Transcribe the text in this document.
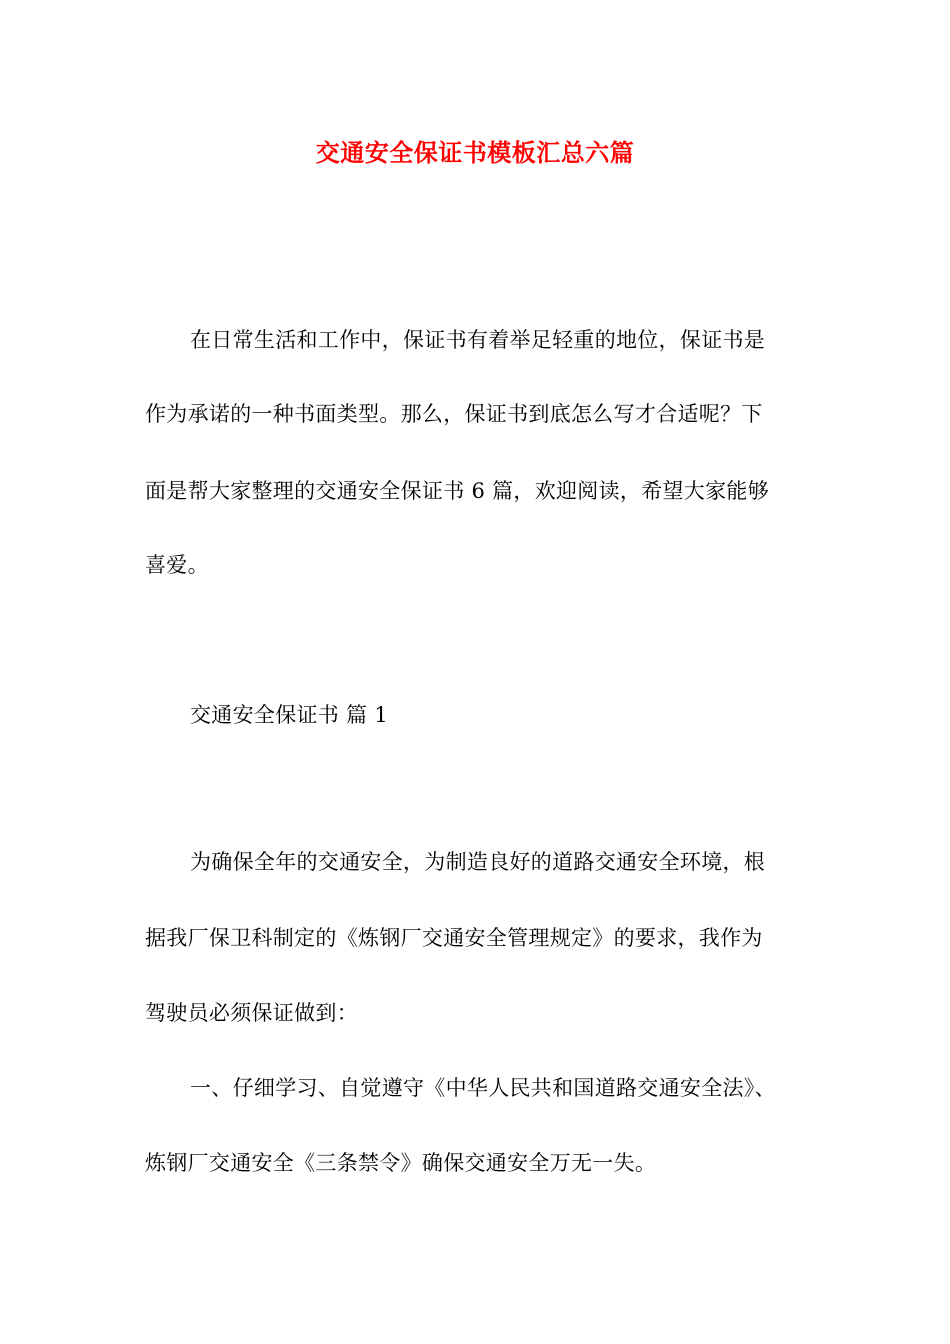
交通安全保证书模板汇总六篇
在日常生活和工作中，保证书有着举足轻重的地位，保证书是
作为承诺的一种书面类型。那么，保证书到底怎么写才合适呢？下
面是帮大家整理的交通安全保证书 6 篇，欢迎阅读，希望大家能够
喜爱。
交通安全保证书 篇 1
为确保全年的交通安全，为制造良好的道路交通安全环境，根
据我厂保卫科制定的《炼钢厂交通安全管理规定》的要求，我作为
驾驶员必须保证做到：
一、仔细学习、自觉遵守《中华人民共和国道路交通安全法》、
炼钢厂交通安全《三条禁令》确保交通安全万无一失。
